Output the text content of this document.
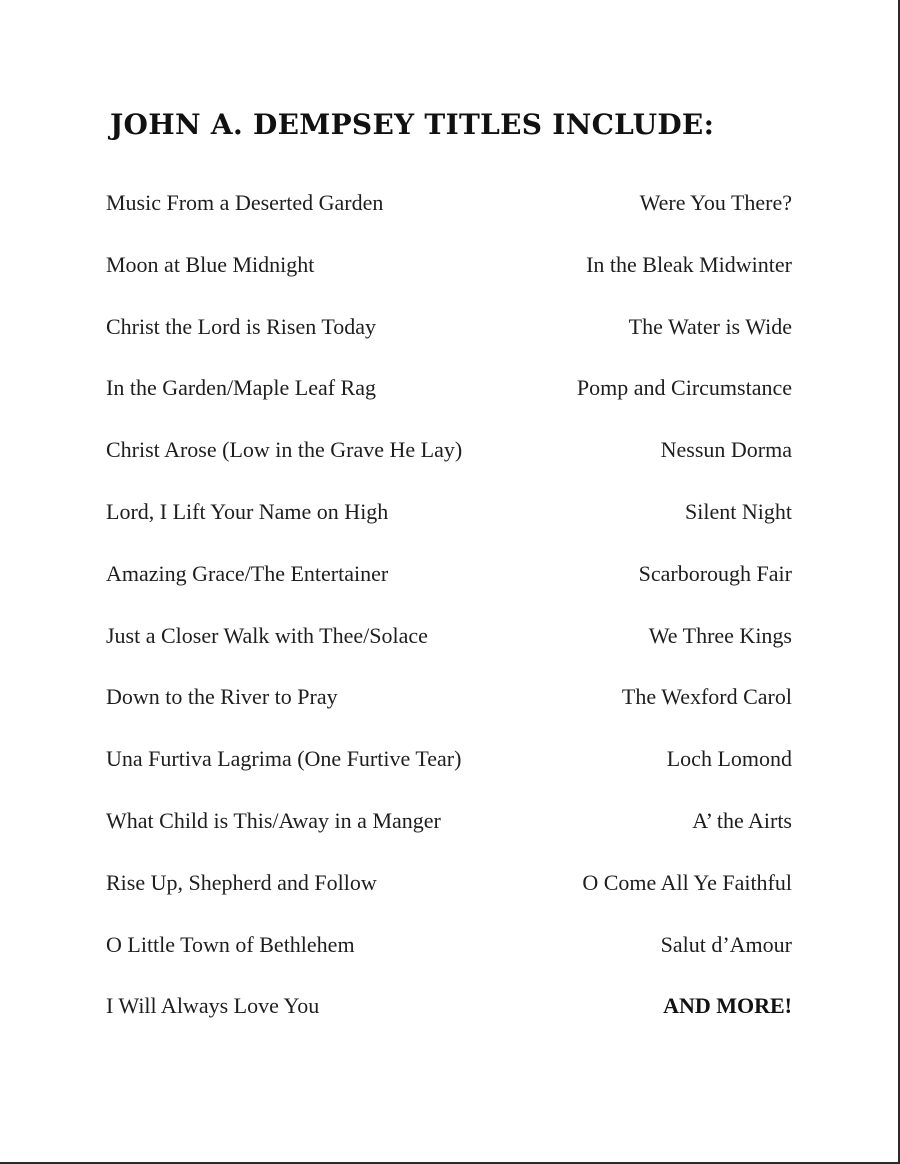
JOHN A. DEMPSEY TITLES INCLUDE:
Music From a Deserted Garden	Were You There?
Moon at Blue Midnight	In the Bleak Midwinter
Christ the Lord is Risen Today	The Water is Wide
In the Garden/Maple Leaf Rag	Pomp and Circumstance
Christ Arose (Low in the Grave He Lay)	Nessun Dorma
Lord, I Lift Your Name on High	Silent Night
Amazing Grace/The Entertainer	Scarborough Fair
Just a Closer Walk with Thee/Solace	We Three Kings
Down to the River to Pray	The Wexford Carol
Una Furtiva Lagrima (One Furtive Tear)	Loch Lomond
What Child is This/Away in a Manger	A’ the Airts
Rise Up, Shepherd and Follow	O Come All Ye Faithful
O Little Town of Bethlehem	Salut d’Amour
I Will Always Love You	AND MORE!
